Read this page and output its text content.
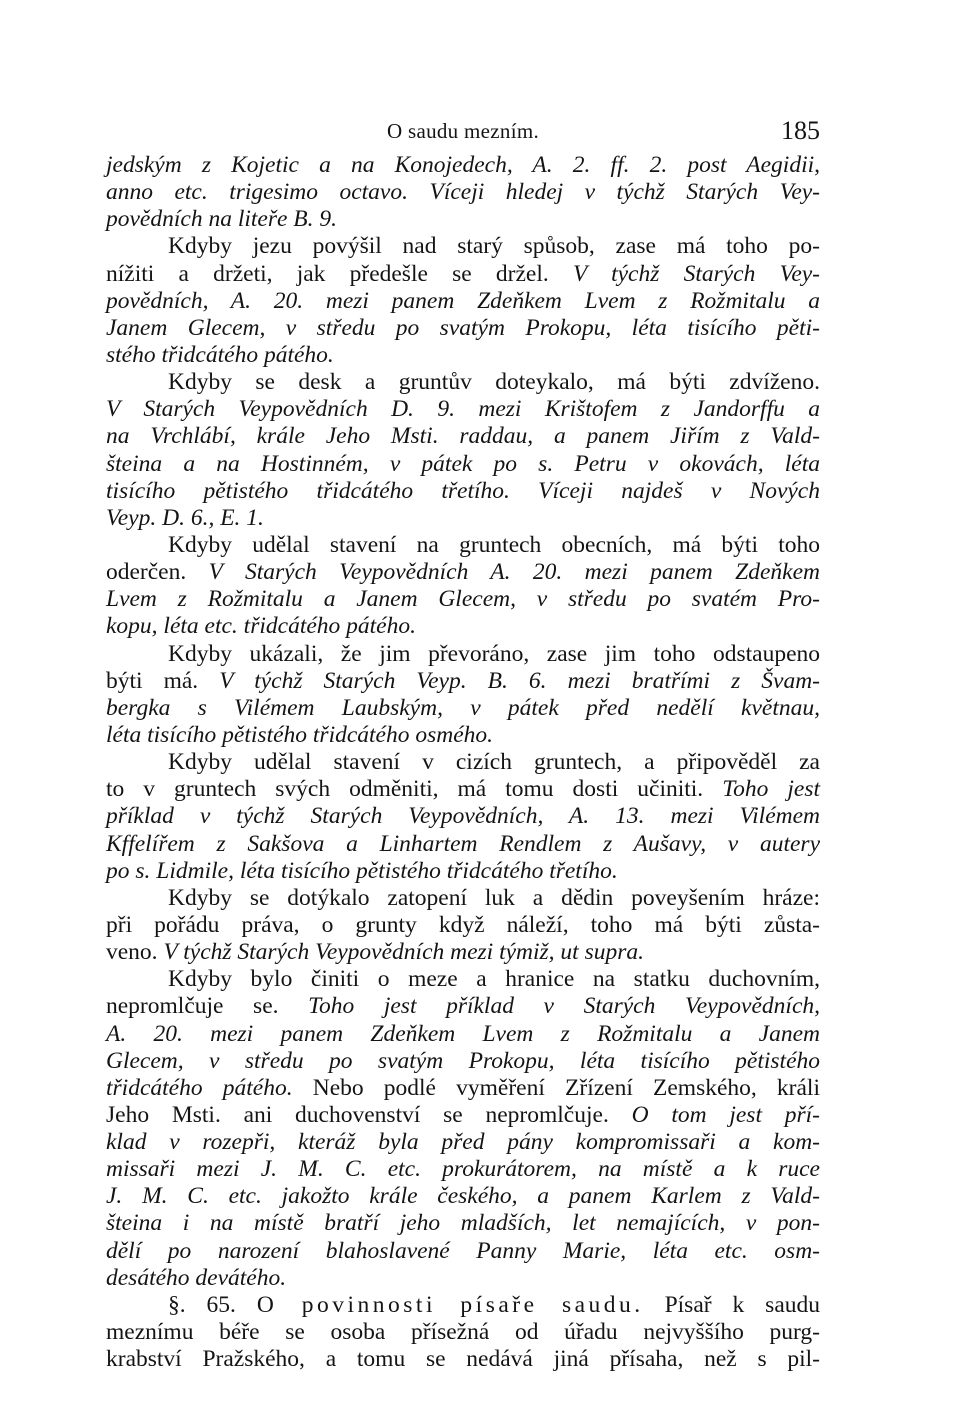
O saudu mezním.	185
jedským z Kojetic a na Konojedech, A. 2. ff. 2. post Aegidii,
anno etc. trigesimo octavo. Víceji hledej v týchž Starých Vey-
povědních na liteře B. 9.
Kdyby jezu povýšil nad starý spůsob, zase má toho po-
nížiti a držeti, jak předešle se držel. V týchž Starých Vey-
povědních, A. 20. mezi panem Zdeňkem Lvem z Rožmitalu a
Janem Glecem, v středu po svatým Prokopu, léta tisícího pěti-
stého třidcátého pátého.
Kdyby se desk a gruntův doteykalo, má býti zdvíženo.
V Starých Veypovědních D. 9. mezi Krištofem z Jandorffu a
na Vrchlábí, krále Jeho Msti. raddau, a panem Jiřím z Vald-
šteina a na Hostinném, v pátek po s. Petru v okovách, léta
tisícího pětistého třidcátého třetího. Víceji najdeš v Nových
Veyp. D. 6., E. 1.
Kdyby udělal stavení na gruntech obecních, má býti toho
oderčen. V Starých Veypovědních A. 20. mezi panem Zdeňkem
Lvem z Rožmitalu a Janem Glecem, v středu po svatém Pro-
kopu, léta etc. třidcátého pátého.
Kdyby ukázali, že jim převoráno, zase jim toho odstaupeno
býti má. V týchž Starých Veyp. B. 6. mezi bratřími z Švam-
bergka s Vilémem Laubským, v pátek před nedělí květnau,
léta tisícího pětistého třidcátého osmého.
Kdyby udělal stavení v cizích gruntech, a připověděl za
to v gruntech svých odměniti, má tomu dosti učiniti. Toho jest
příklad v týchž Starých Veypovědních, A. 13. mezi Vilémem
Kffelířem z Sakšova a Linhartem Rendlem z Aušavy, v autery
po s. Lidmile, léta tisícího pětistého třidcátého třetího.
Kdyby se dotýkalo zatopení luk a dědin poveyšením hráze:
při pořádu práva, o grunty když náleží, toho má býti zůsta-
veno. V týchž Starých Veypovědních mezi týmiž, ut supra.
Kdyby bylo činiti o meze a hranice na statku duchovním,
nepromlčuje se. Toho jest příklad v Starých Veypovědních,
A. 20. mezi panem Zdeňkem Lvem z Rožmitalu a Janem
Glecem, v středu po svatým Prokopu, léta tisícího pětistého
třidcátého pátého. Nebo podlé vyměření Zřízení Zemského, králi
Jeho Msti. ani duchovenství se nepromlčuje. O tom jest pří-
klad v rozepři, kteráž byla před pány kompromissaři a kom-
missaři mezi J. M. C. etc. prokurátorem, na místě a k ruce
J. M. C. etc. jakožto krále českého, a panem Karlem z Vald-
šteina i na místě bratří jeho mladších, let nemajících, v pon-
dělí po narození blahoslavené Panny Marie, léta etc. osm-
desátého devátého.
§. 65. O povinnosti písaře saudu. Písař k saudu
meznímu béře se osoba přísežná od úřadu nejvyššího purg-
krabství Pražského, a tomu se nedává jiná přísaha, než s pil-
